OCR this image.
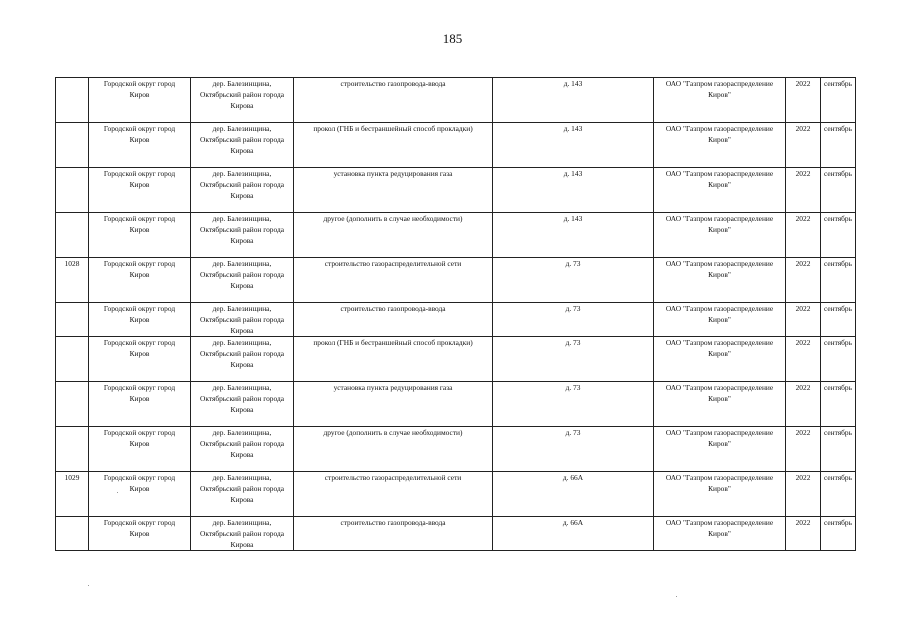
185

	Городской округ город
Киров	дер. Балезинщина,
Октябрьский район города
Кирова	строительство газопровода-ввода	д. 143	ОАО "Газпром газораспределение
Киров"	2022	сентябрь

	Городской округ город
Киров	дер. Балезинщина,
Октябрьский район города
Кирова	прокол (ГНБ и бестраншейный способ прокладки)	д. 143	ОАО "Газпром газораспределение
Киров"	2022	сентябрь

	Городской округ город
Киров	дер. Балезинщина,
Октябрьский район города
Кирова	установка пункта редуцирования газа	д. 143	ОАО "Газпром газораспределение
Киров"	2022	сентябрь

	Городской округ город
Киров	дер. Балезинщина,
Октябрьский район города
Кирова	другое (дополнить в случае необходимости)	д. 143	ОАО "Газпром газораспределение
Киров"	2022	сентябрь
1028	Городской округ город
Киров	дер. Балезинщина,
Октябрьский район города
Кирова	строительство газораспределительной сети	д. 73	ОАО "Газпром газораспределение
Киров"	2022	сентябрь

	Городской округ город
Киров	дер. Балезинщина,
Октябрьский район города
Кирова	строительство газопровода-ввода	д. 73	ОАО "Газпром газораспределение
Киров"	2022	сентябрь

	Городской округ город
Киров	дер. Балезинщина,
Октябрьский район города
Кирова	прокол (ГНБ и бестраншейный способ прокладки)	д. 73	ОАО "Газпром газораспределение
Киров"	2022	сентябрь

	Городской округ город
Киров	дер. Балезинщина,
Октябрьский район города
Кирова	установка пункта редуцирования газа	д. 73	ОАО "Газпром газораспределение
Киров"	2022	сентябрь

	Городской округ город
Киров	дер. Балезинщина,
Октябрьский район города
Кирова	другое (дополнить в случае необходимости)	д. 73	ОАО "Газпром газораспределение
Киров"	2022	сентябрь
1029	Городской округ город
Киров	дер. Балезинщина,
Октябрьский район города
Кирова	строительство газораспределительной сети	д. 66А	ОАО "Газпром газораспределение
Киров"	2022	сентябрь

	Городской округ город
Киров	дер. Балезинщина,
Октябрьский район города
Кирова	строительство газопровода-ввода	д. 66А	ОАО "Газпром газораспределение
Киров"	2022	сентябрь
